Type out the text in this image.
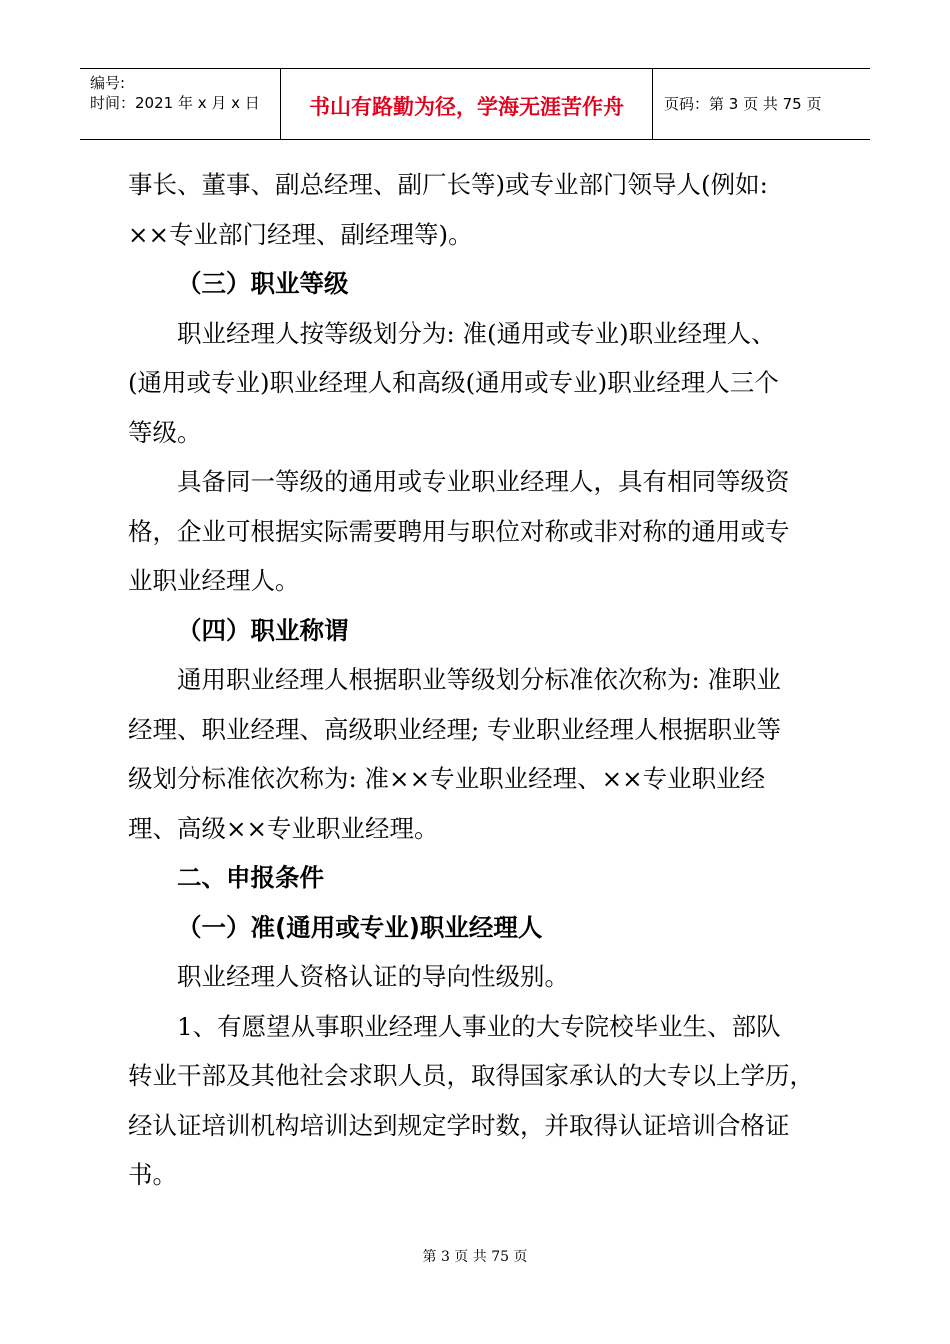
编号:
时间：2021 年 x 月 x 日	书山有路勤为径，学海无涯苦作舟	页码：第 3 页 共 75 页
事长、董事、副总经理、副厂长等)或专业部门领导人(例如:
××专业部门经理、副经理等)。
（三）职业等级
职业经理人按等级划分为: 准(通用或专业)职业经理人、
(通用或专业)职业经理人和高级(通用或专业)职业经理人三个
等级。
具备同一等级的通用或专业职业经理人，具有相同等级资
格，企业可根据实际需要聘用与职位对称或非对称的通用或专
业职业经理人。
（四）职业称谓
通用职业经理人根据职业等级划分标准依次称为: 准职业
经理、职业经理、高级职业经理; 专业职业经理人根据职业等
级划分标准依次称为: 准××专业职业经理、××专业职业经
理、高级××专业职业经理。
二、申报条件
（一）准(通用或专业)职业经理人
职业经理人资格认证的导向性级别。
1、有愿望从事职业经理人事业的大专院校毕业生、部队
转业干部及其他社会求职人员，取得国家承认的大专以上学历，
经认证培训机构培训达到规定学时数，并取得认证培训合格证
书。
第 3 页 共 75 页
